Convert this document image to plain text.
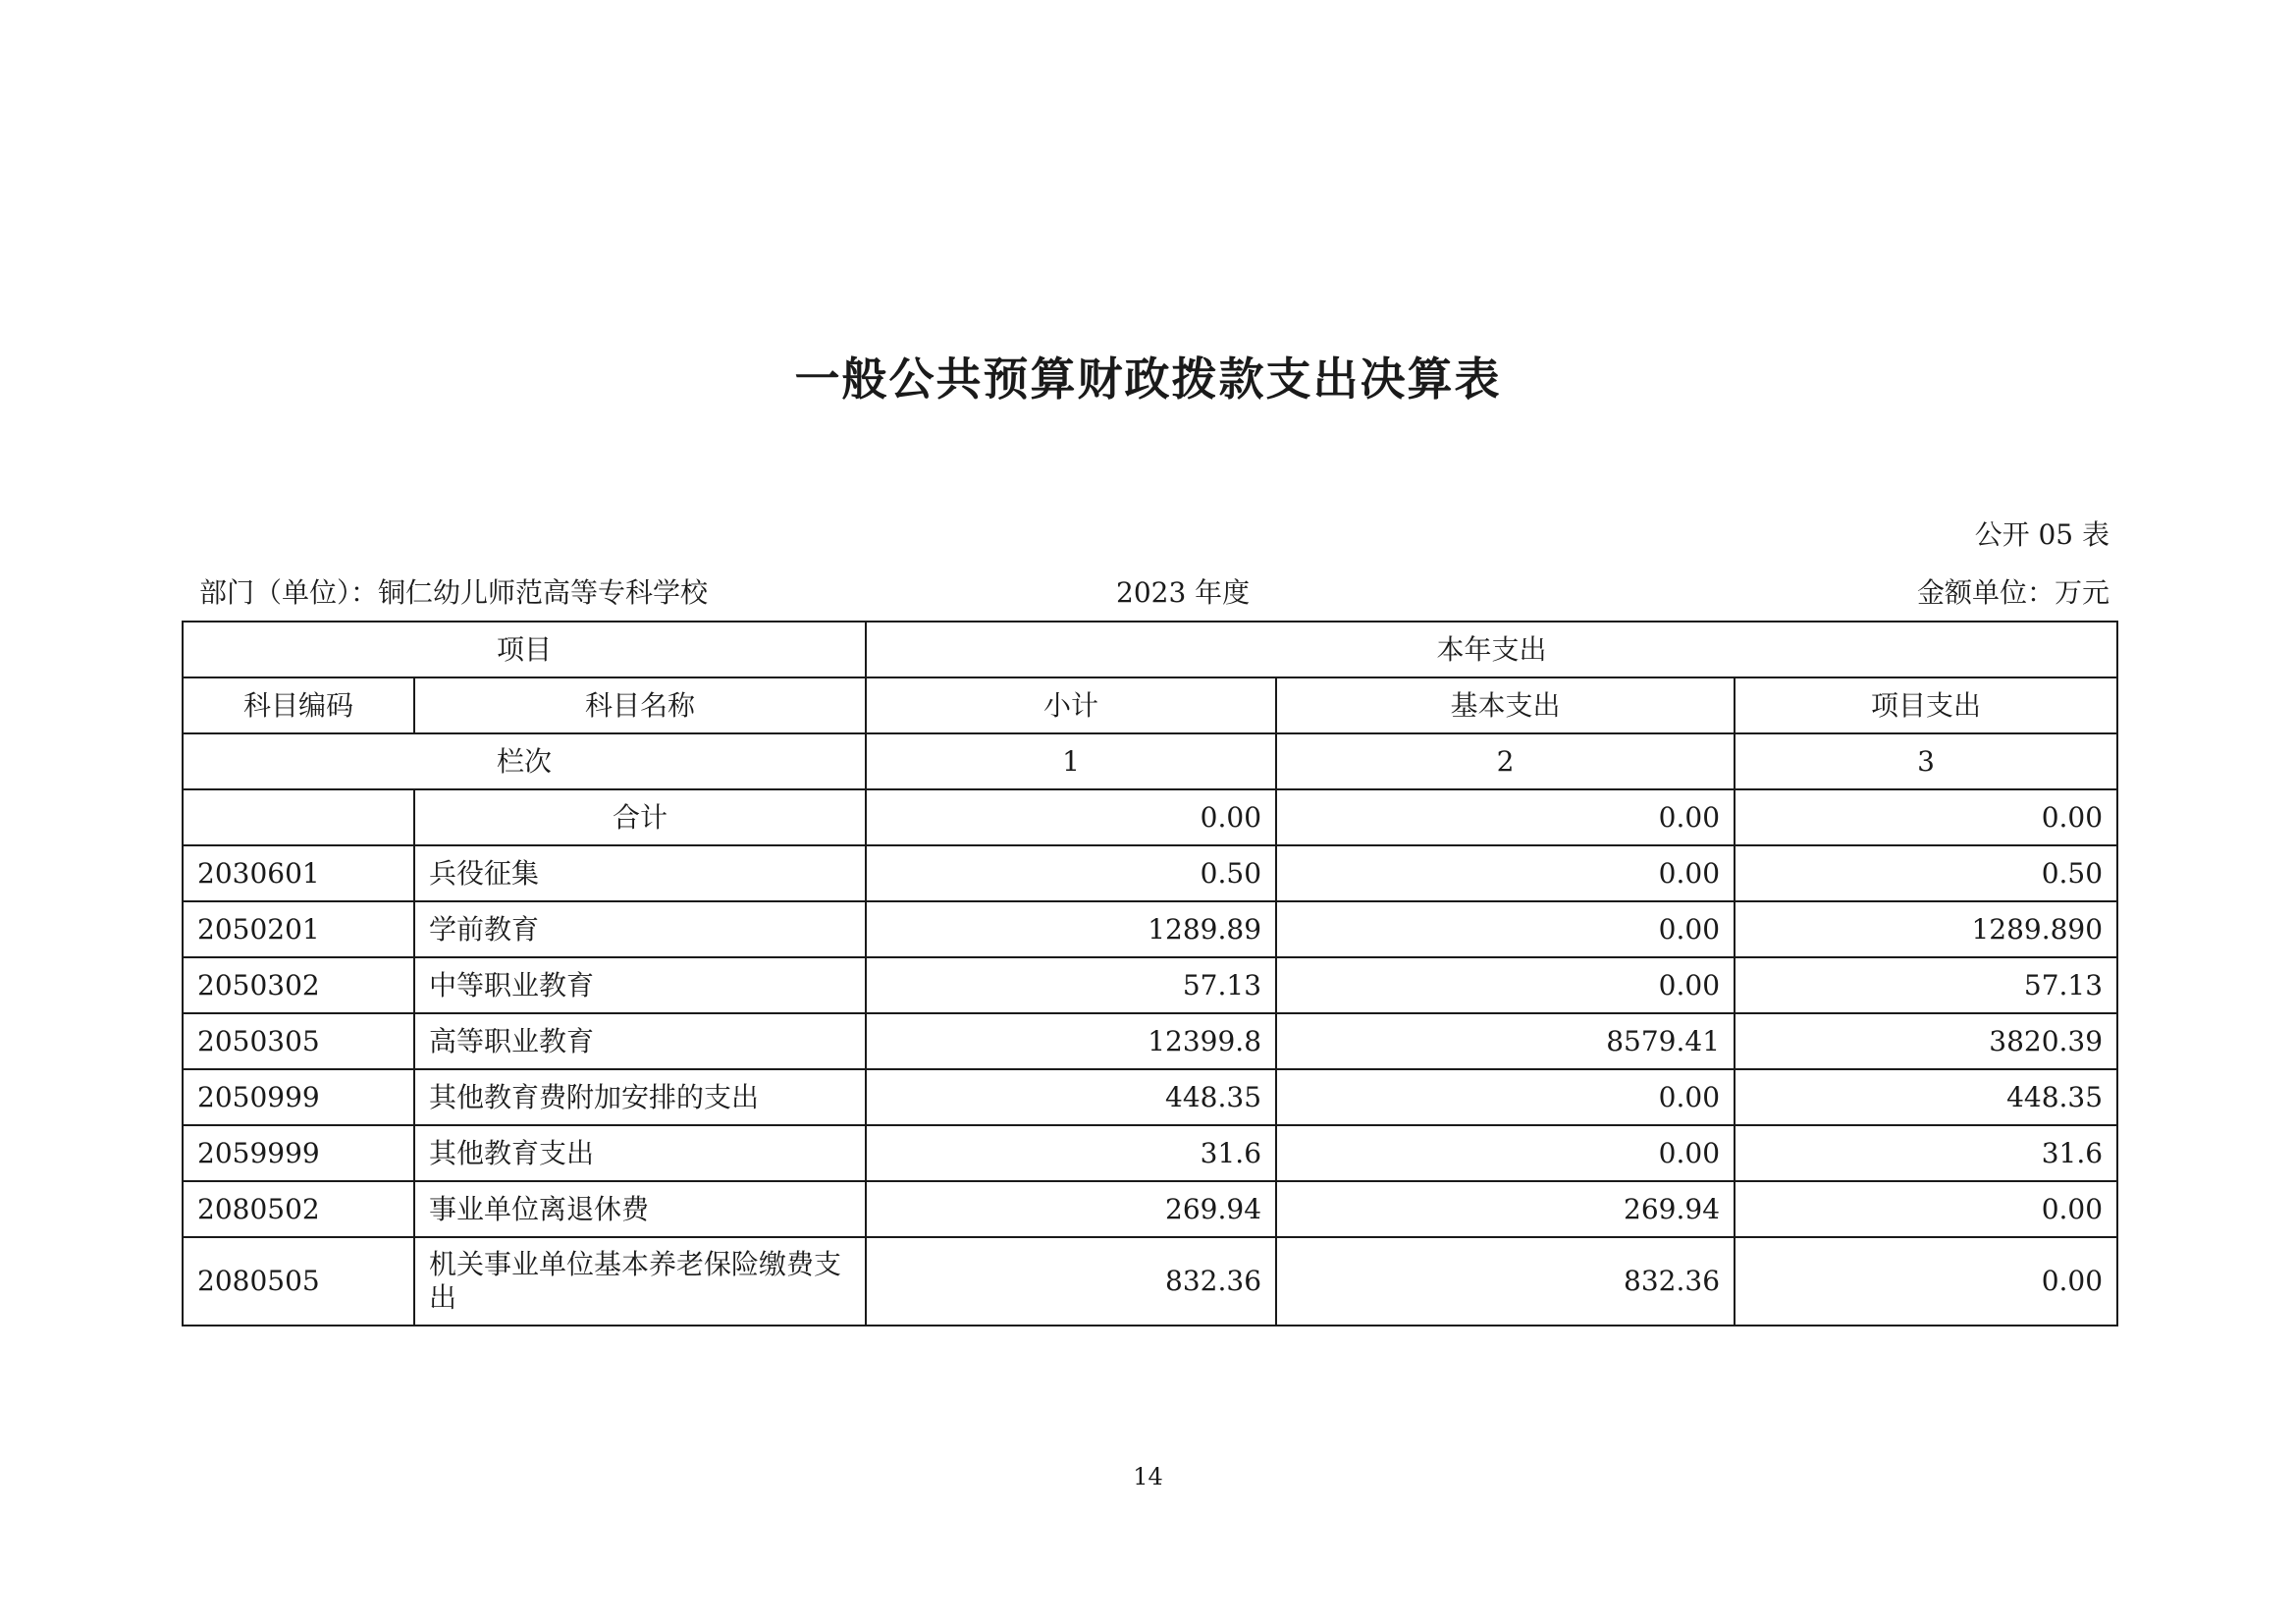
一般公共预算财政拨款支出决算表
公开 05 表
部门（单位）：铜仁幼儿师范高等专科学校	2023 年度	金额单位：万元
项目		本年支出		
科目编码	科目名称	小计	基本支出	项目支出
栏次		1	2	3
	合计	0.00	0.00	0.00
2030601	兵役征集	0.50	0.00	0.50
2050201	学前教育	1289.89	0.00	1289.890
2050302	中等职业教育	57.13	0.00	57.13
2050305	高等职业教育	12399.8	8579.41	3820.39
2050999	其他教育费附加安排的支出	448.35	0.00	448.35
2059999	其他教育支出	31.6	0.00	31.6
2080502	事业单位离退休费	269.94	269.94	0.00
2080505	机关事业单位基本养老保险缴费支出	832.36	832.36	0.00
14
